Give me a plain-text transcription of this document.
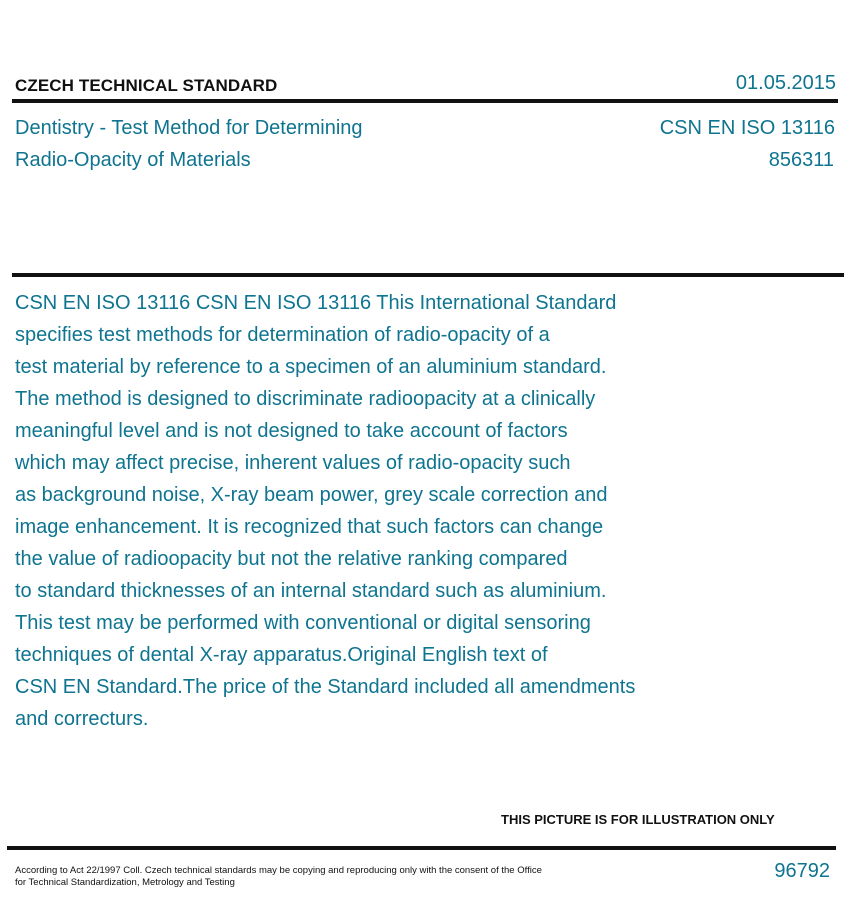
CZECH TECHNICAL STANDARD	01.05.2015
Dentistry - Test Method for Determining
Radio-Opacity of Materials
CSN EN ISO 13116
856311
CSN EN ISO 13116 CSN EN ISO 13116 This International Standard
specifies test methods for determination of radio-opacity of a
test material by reference to a specimen of an aluminium standard.
The method is designed to discriminate radioopacity at a clinically
meaningful level and is not designed to take account of factors
which may affect precise, inherent values of radio-opacity such
as background noise, X-ray beam power, grey scale correction and
image enhancement. It is recognized that such factors can change
the value of radioopacity but not the relative ranking compared
to standard thicknesses of an internal standard such as aluminium.
This test may be performed with conventional or digital sensoring
techniques of dental X-ray apparatus.Original English text of
CSN EN Standard.The price of the Standard included all amendments
and correcturs.
THIS PICTURE IS FOR ILLUSTRATION ONLY
According to Act 22/1997 Coll. Czech technical standards may be copying and reproducing only with the consent of the Office
for Technical Standardization, Metrology and Testing
96792
